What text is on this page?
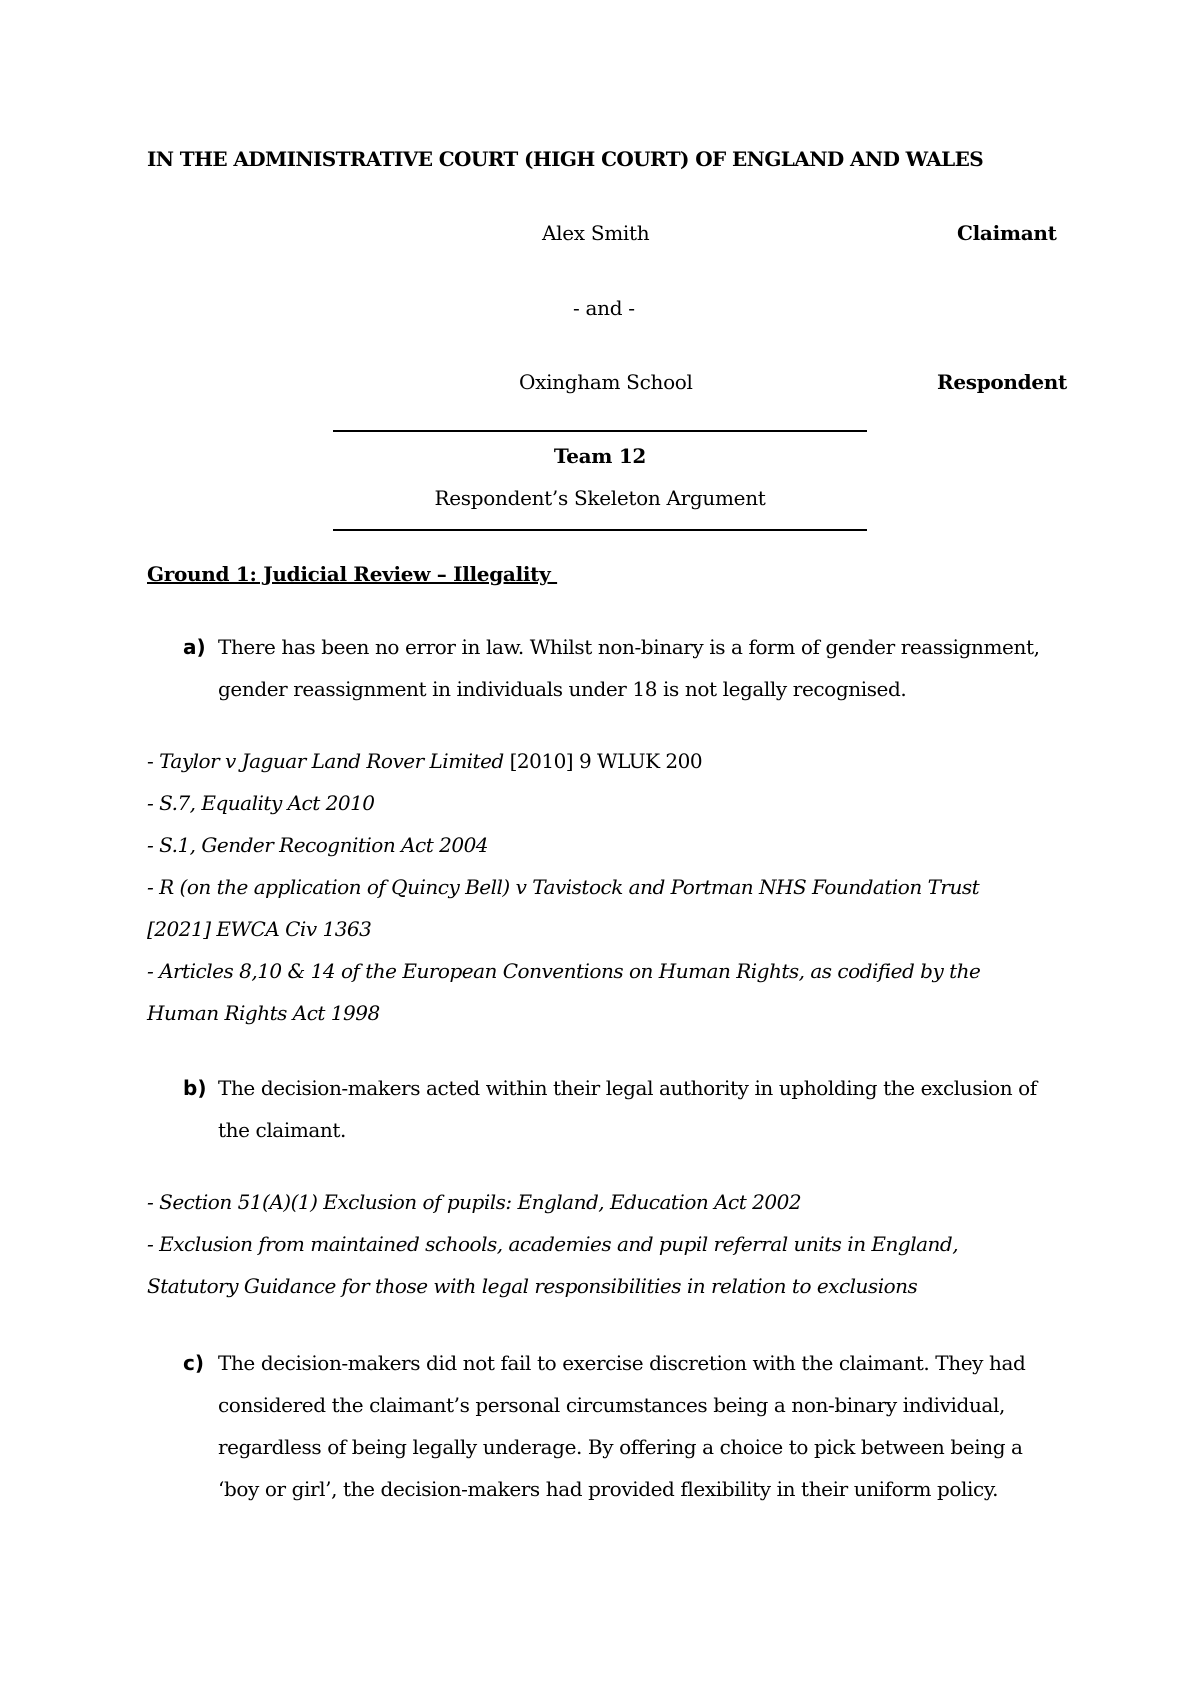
IN THE ADMINISTRATIVE COURT (HIGH COURT) OF ENGLAND AND WALES
Alex Smith	Claimant
- and -
Oxingham School	Respondent
Team 12
Respondent’s Skeleton Argument
Ground 1: Judicial Review – Illegality
a) There has been no error in law. Whilst non-binary is a form of gender reassignment, gender reassignment in individuals under 18 is not legally recognised.
- Taylor v Jaguar Land Rover Limited [2010] 9 WLUK 200
- S.7, Equality Act 2010
- S.1, Gender Recognition Act 2004
- R (on the application of Quincy Bell) v Tavistock and Portman NHS Foundation Trust
[2021] EWCA Civ 1363
- Articles 8,10 & 14 of the European Conventions on Human Rights, as codified by the
Human Rights Act 1998
b) The decision-makers acted within their legal authority in upholding the exclusion of the claimant.
- Section 51(A)(1) Exclusion of pupils: England, Education Act 2002
- Exclusion from maintained schools, academies and pupil referral units in England,
Statutory Guidance for those with legal responsibilities in relation to exclusions
c) The decision-makers did not fail to exercise discretion with the claimant. They had considered the claimant’s personal circumstances being a non-binary individual, regardless of being legally underage. By offering a choice to pick between being a ‘boy or girl’, the decision-makers had provided flexibility in their uniform policy.
